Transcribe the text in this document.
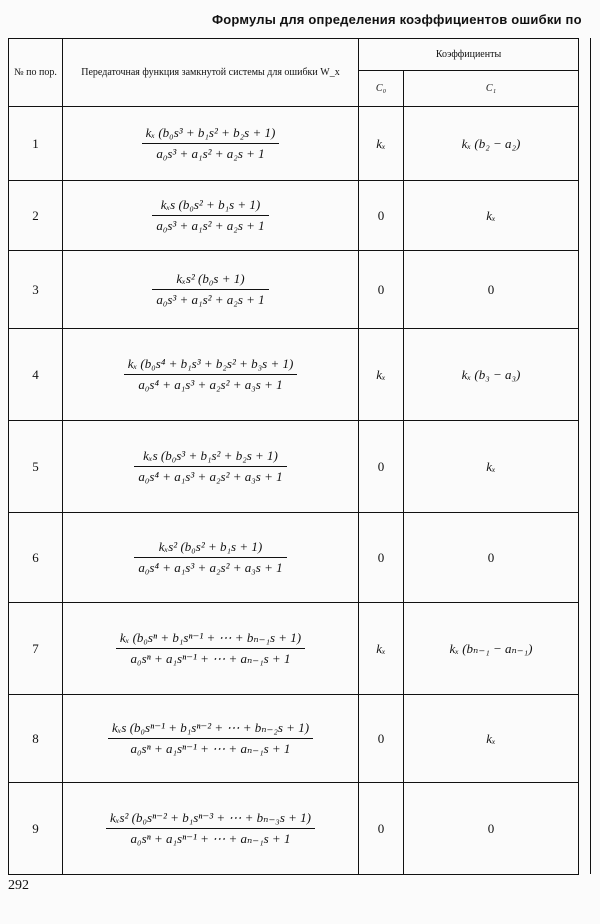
Формулы для определения коэффициентов ошибки по
№ по пор.	Передаточная функция замкнутой системы для ошибки W_x	Коэффициенты	
		C₀	C₁
1	$\frac{\text{kₓ (b₀s³ + b₁s² + b₂s + 1)}}{\text{a₀s³ + a₁s² + a₂s + 1}}$	kₓ	kₓ (b₂ − a₂)
2	$\frac{\text{kₓs (b₀s² + b₁s + 1)}}{\text{a₀s³ + a₁s² + a₂s + 1}}$	0	kₓ
3	$\frac{\text{kₓs² (b₀s + 1)}}{\text{a₀s³ + a₁s² + a₂s + 1}}$	0	0
4	$\frac{\text{kₓ (b₀s⁴ + b₁s³ + b₂s² + b₃s + 1)}}{\text{a₀s⁴ + a₁s³ + a₂s² + a₃s + 1}}$	kₓ	kₓ (b₃ − a₃)
5	$\frac{\text{kₓs (b₀s³ + b₁s² + b₂s + 1)}}{\text{a₀s⁴ + a₁s³ + a₂s² + a₃s + 1}}$	0	kₓ
6	$\frac{\text{kₓs² (b₀s² + b₁s + 1)}}{\text{a₀s⁴ + a₁s³ + a₂s² + a₃s + 1}}$	0	0
7	$\frac{\text{kₓ (b₀sⁿ + b₁sⁿ⁻¹ + ⋯ + bₙ₋₁s + 1)}}{\text{a₀sⁿ + a₁sⁿ⁻¹ + ⋯ + aₙ₋₁s + 1}}$	kₓ	kₓ (bₙ₋₁ − aₙ₋₁)
8	$\frac{\text{kₓs (b₀sⁿ⁻¹ + b₁sⁿ⁻² + ⋯ + bₙ₋₂s + 1)}}{\text{a₀sⁿ + a₁sⁿ⁻¹ + ⋯ + aₙ₋₁s + 1}}$	0	kₓ
9	$\frac{\text{kₓs² (b₀sⁿ⁻² + b₁sⁿ⁻³ + ⋯ + bₙ₋₃s + 1)}}{\text{a₀sⁿ + a₁sⁿ⁻¹ + ⋯ + aₙ₋₁s + 1}}$	0	0
292
